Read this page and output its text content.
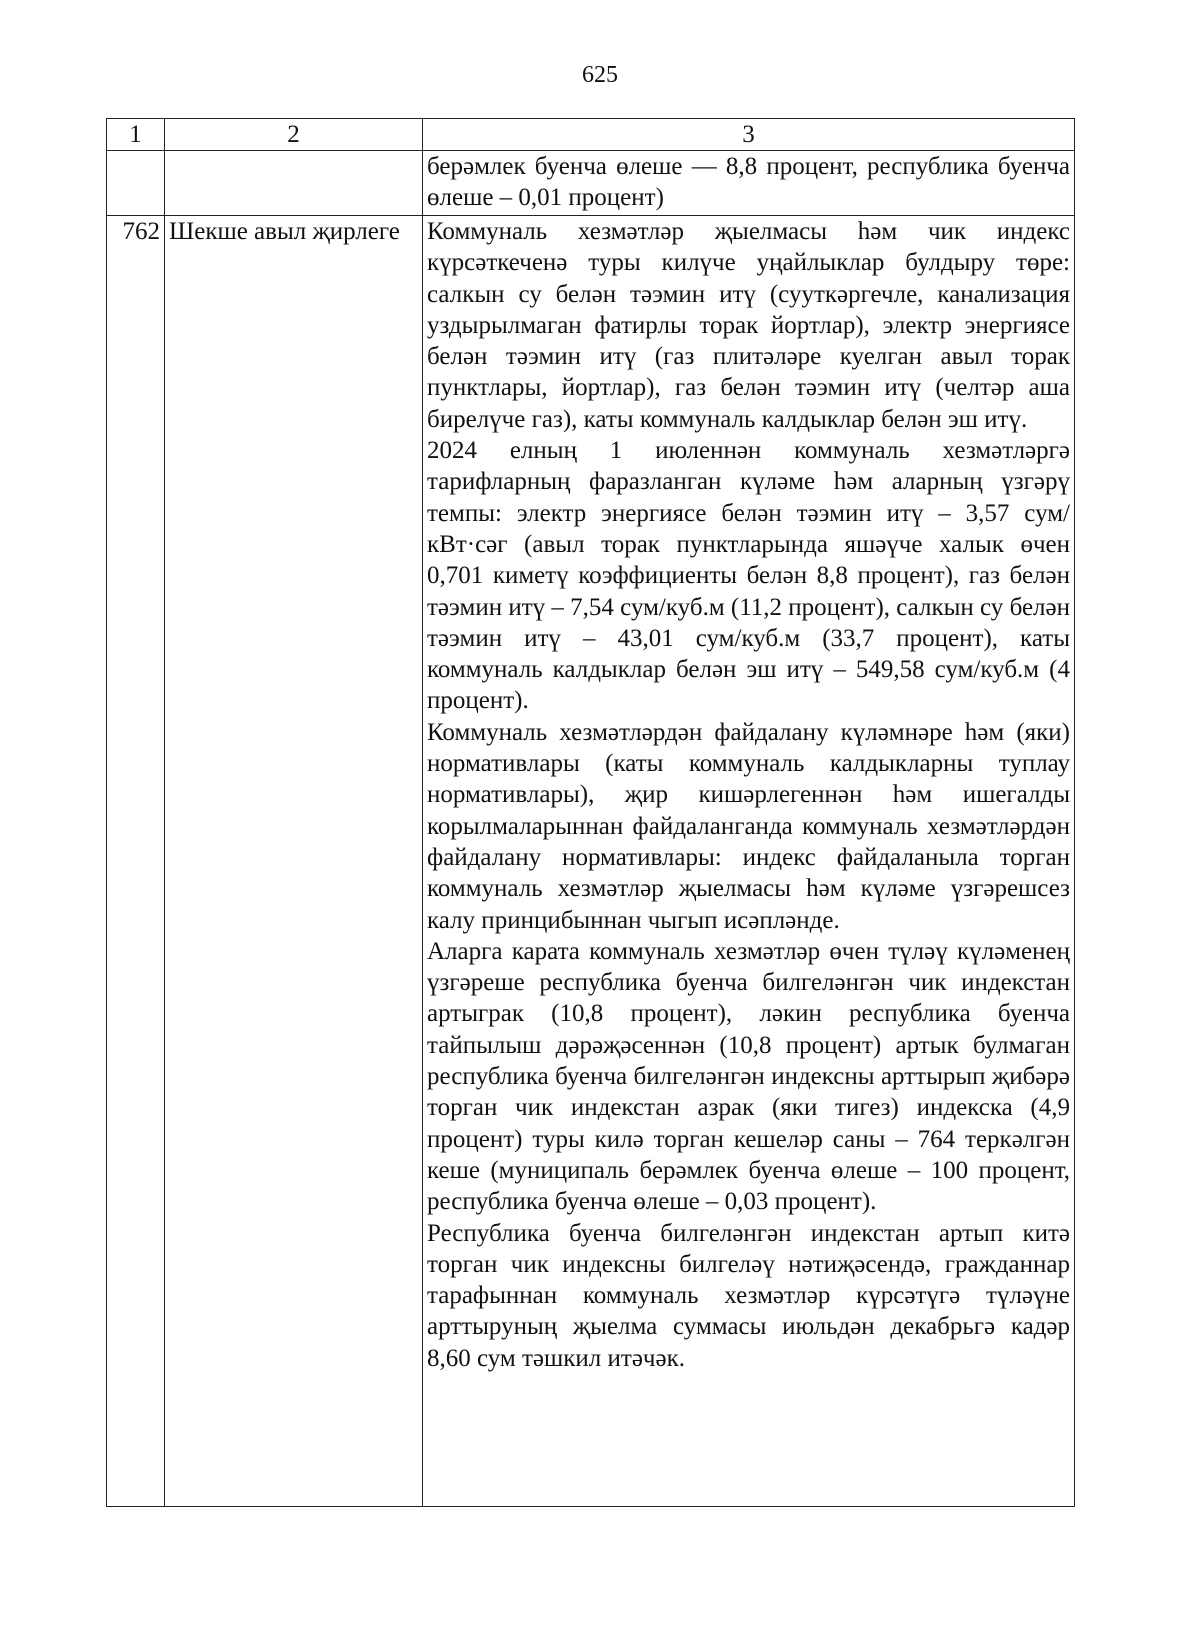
625
1	2	3
		берәмлек буенча өлеше — 8,8 процент, республика буенча өлеше – 0,01 процент)
762	Шекше авыл җирлеге	Коммуналь хезмәтләр җыелмасы һәм чик индекс күрсәткеченә туры килүче уңайлыклар булдыру төре: салкын су белән тәэмин итү (сууткәргечле, канализация уздырылмаган фатирлы торак йортлар), электр энергиясе белән тәэмин итү (газ плитәләре куелган авыл торак пунктлары, йортлар), газ белән тәэмин итү (челтәр аша бирелүче газ), каты коммуналь калдыклар белән эш итү.

2024 елның 1 июленнән коммуналь хезмәтләргә тарифларның фаразланган күләме һәм аларның үзгәрү темпы: электр энергиясе белән тәэмин итү – 3,57 сум/кВт·сәг (авыл торак пунктларында яшәүче халык өчен 0,701 киметү коэффициенты белән 8,8 процент), газ белән тәэмин итү – 7,54 сум/куб.м (11,2 процент), салкын су белән тәэмин итү – 43,01 сум/куб.м (33,7 процент), каты коммуналь калдыклар белән эш итү – 549,58 сум/куб.м (4 процент).

Коммуналь хезмәтләрдән файдалану күләмнәре һәм (яки) нормативлары (каты коммуналь калдыкларны туплау нормативлары), җир кишәрлегеннән һәм ишегалды корылмаларыннан файдаланганда коммуналь хезмәтләрдән файдалану нормативлары: индекс файдаланыла торган коммуналь хезмәтләр җыелмасы һәм күләме үзгәрешсез калу принцибыннан чыгып исәпләнде.

Аларга карата коммуналь хезмәтләр өчен түләү күләменең үзгәреше республика буенча билгеләнгән чик индекстан артыграк (10,8 процент), ләкин республика буенча тайпылыш дәрәҗәсеннән (10,8 процент) артык булмаган республика буенча билгеләнгән индексны арттырып җибәрә торган чик индекстан азрак (яки тигез) индекска (4,9 процент) туры килә торган кешеләр саны – 764 теркәлгән кеше (муниципаль берәмлек буенча өлеше – 100 процент, республика буенча өлеше – 0,03 процент).

Республика буенча билгеләнгән индекстан артып китә торган чик индексны билгеләү нәтиҗәсендә, гражданнар тарафыннан коммуналь хезмәтләр күрсәтүгә түләүне арттыруның җыелма суммасы июльдән декабрьгә кадәр 8,60 сум тәшкил итәчәк.
